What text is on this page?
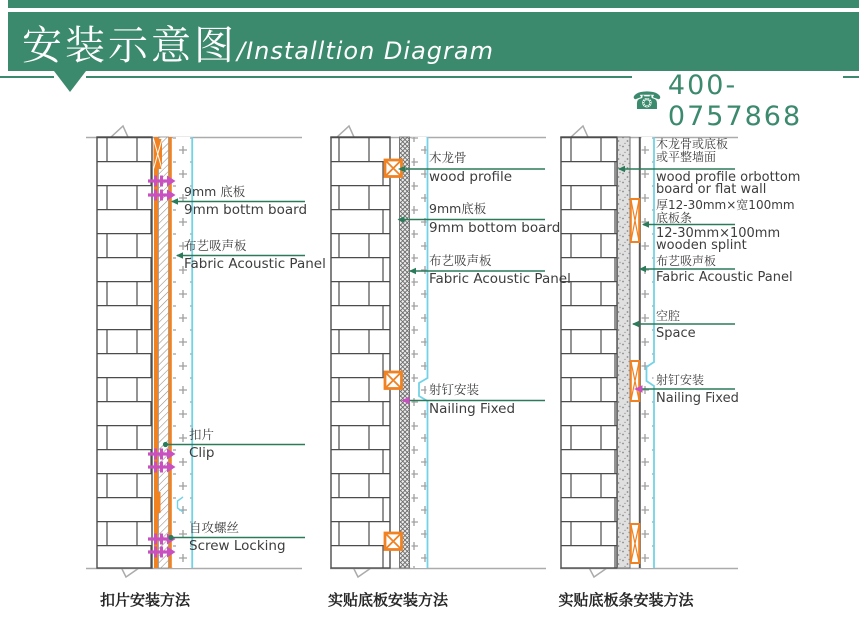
安装示意图 /Installtion Diagram
☎ 400-0757868
9mm 底板
9mm bottm board
布艺吸声板
Fabric Acoustic Panel
扣片
Clip
自攻螺丝
Screw Locking
木龙骨
wood profile
9mm底板
9mm bottom board
布艺吸声板
Fabric Acoustic Panel
射钉安装
Nailing Fixed
木龙骨或底板
或平整墙面
wood profile orbottom
board or flat wall
厚12-30mm×宽100mm
底板条
12-30mm×100mm
wooden splint
布艺吸声板
Fabric Acoustic Panel
空腔
Space
射钉安装
Nailing Fixed
扣片安装方法	实贴底板安装方法	实贴底板条安装方法
